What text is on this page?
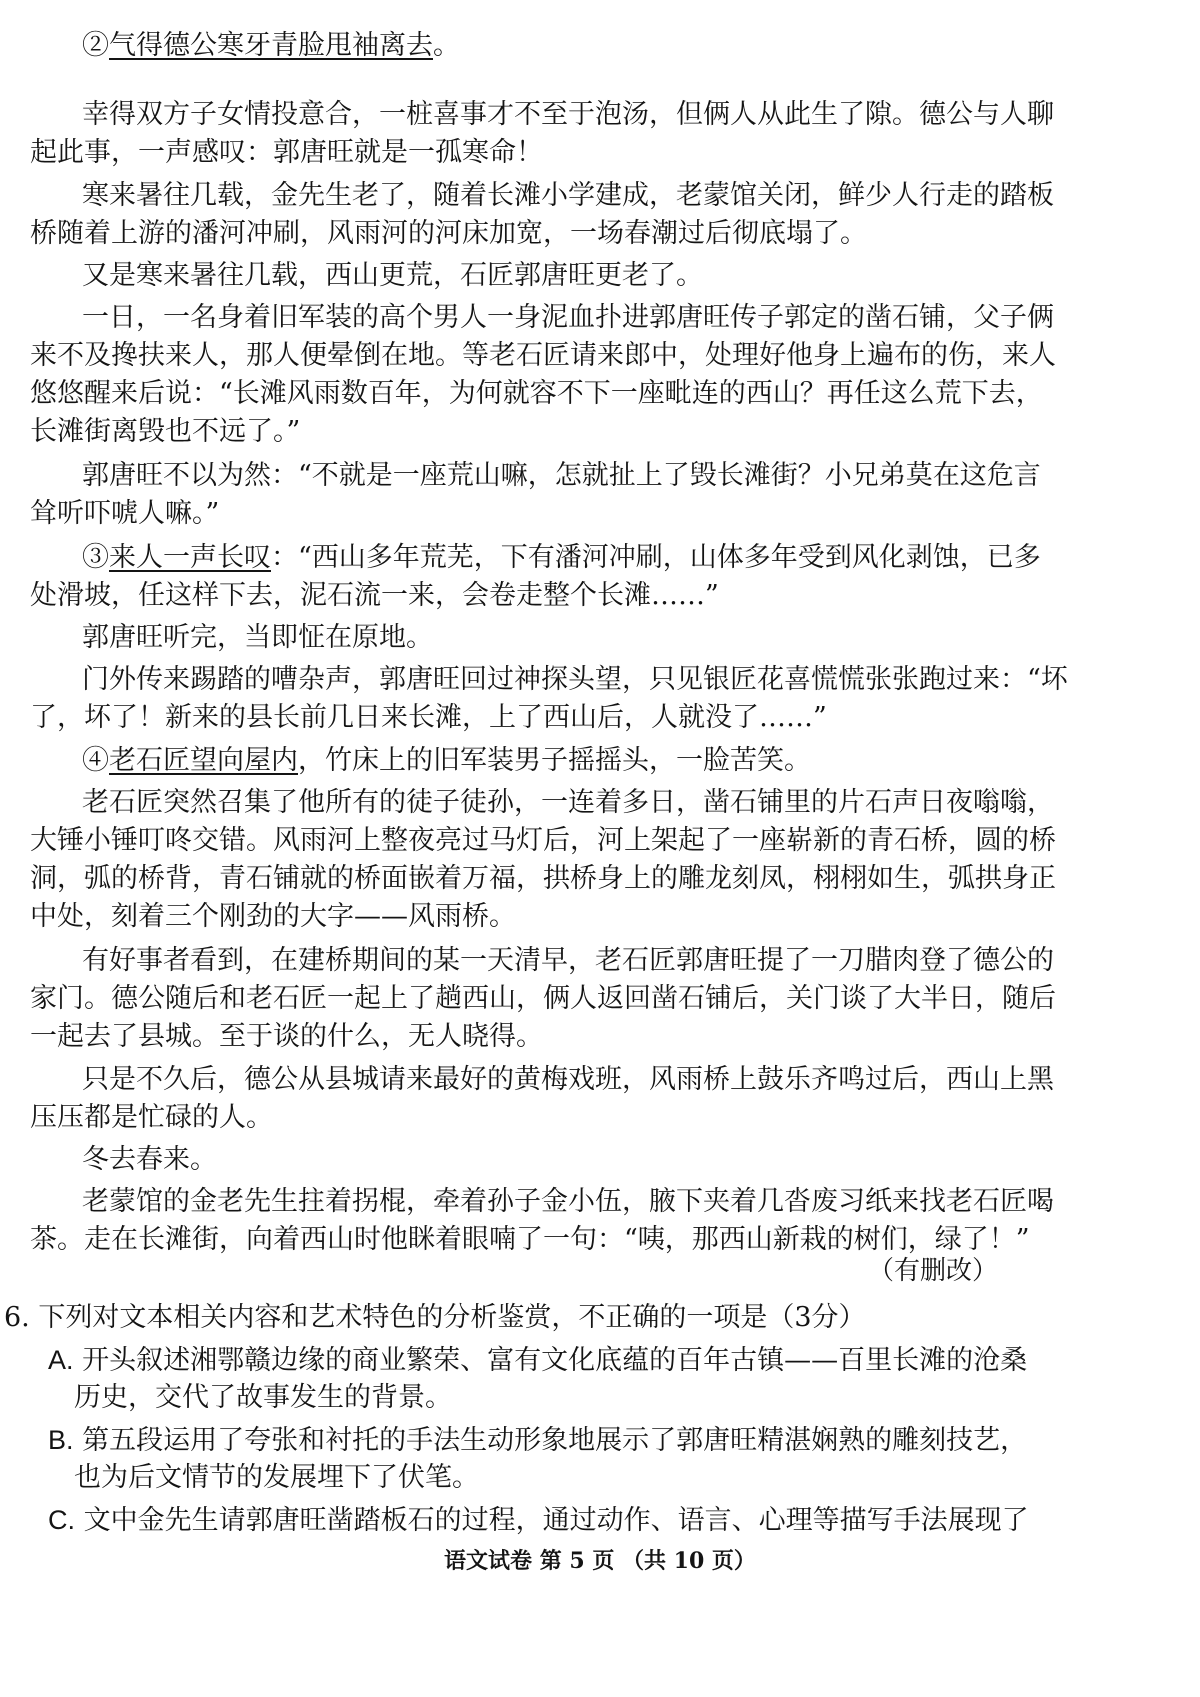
②气得德公寒牙青脸甩袖离去。

幸得双方子女情投意合，一桩喜事才不至于泡汤，但俩人从此生了隙。德公与人聊

起此事，一声感叹：郭唐旺就是一孤寒命！

寒来暑往几载，金先生老了，随着长滩小学建成，老蒙馆关闭，鲜少人行走的踏板

桥随着上游的潘河冲刷，风雨河的河床加宽，一场春潮过后彻底塌了。

又是寒来暑往几载，西山更荒，石匠郭唐旺更老了。

一日，一名身着旧军装的高个男人一身泥血扑进郭唐旺传子郭定的凿石铺，父子俩

来不及搀扶来人，那人便晕倒在地。等老石匠请来郎中，处理好他身上遍布的伤，来人

悠悠醒来后说：“长滩风雨数百年，为何就容不下一座毗连的西山？再任这么荒下去，

长滩街离毁也不远了。”

郭唐旺不以为然：“不就是一座荒山嘛，怎就扯上了毁长滩街？小兄弟莫在这危言

耸听吓唬人嘛。”

③来人一声长叹：“西山多年荒芜，下有潘河冲刷，山体多年受到风化剥蚀，已多

处滑坡，任这样下去，泥石流一来，会卷走整个长滩……”

郭唐旺听完，当即怔在原地。

门外传来踢踏的嘈杂声，郭唐旺回过神探头望，只见银匠花喜慌慌张张跑过来：“坏

了，坏了！新来的县长前几日来长滩，上了西山后，人就没了……”

④老石匠望向屋内，竹床上的旧军装男子摇摇头，一脸苦笑。

老石匠突然召集了他所有的徒子徒孙，一连着多日，凿石铺里的片石声日夜嗡嗡，

大锤小锤叮咚交错。风雨河上整夜亮过马灯后，河上架起了一座崭新的青石桥，圆的桥

洞，弧的桥背，青石铺就的桥面嵌着万福，拱桥身上的雕龙刻凤，栩栩如生，弧拱身正

中处，刻着三个刚劲的大字——风雨桥。

有好事者看到，在建桥期间的某一天清早，老石匠郭唐旺提了一刀腊肉登了德公的

家门。德公随后和老石匠一起上了趟西山，俩人返回凿石铺后，关门谈了大半日，随后

一起去了县城。至于谈的什么，无人晓得。

只是不久后，德公从县城请来最好的黄梅戏班，风雨桥上鼓乐齐鸣过后，西山上黑

压压都是忙碌的人。

冬去春来。

老蒙馆的金老先生拄着拐棍，牵着孙子金小伍，腋下夹着几沓废习纸来找老石匠喝

茶。走在长滩街，向着西山时他眯着眼喃了一句：“咦，那西山新栽的树们，绿了！”

（有删改）

6. 下列对文本相关内容和艺术特色的分析鉴赏，不正确的一项是（3分）

A. 开头叙述湘鄂赣边缘的商业繁荣、富有文化底蕴的百年古镇——百里长滩的沧桑

历史，交代了故事发生的背景。

B. 第五段运用了夸张和衬托的手法生动形象地展示了郭唐旺精湛娴熟的雕刻技艺，

也为后文情节的发展埋下了伏笔。

C. 文中金先生请郭唐旺凿踏板石的过程，通过动作、语言、心理等描写手法展现了

语文试卷 第 5 页 （共 10 页）
